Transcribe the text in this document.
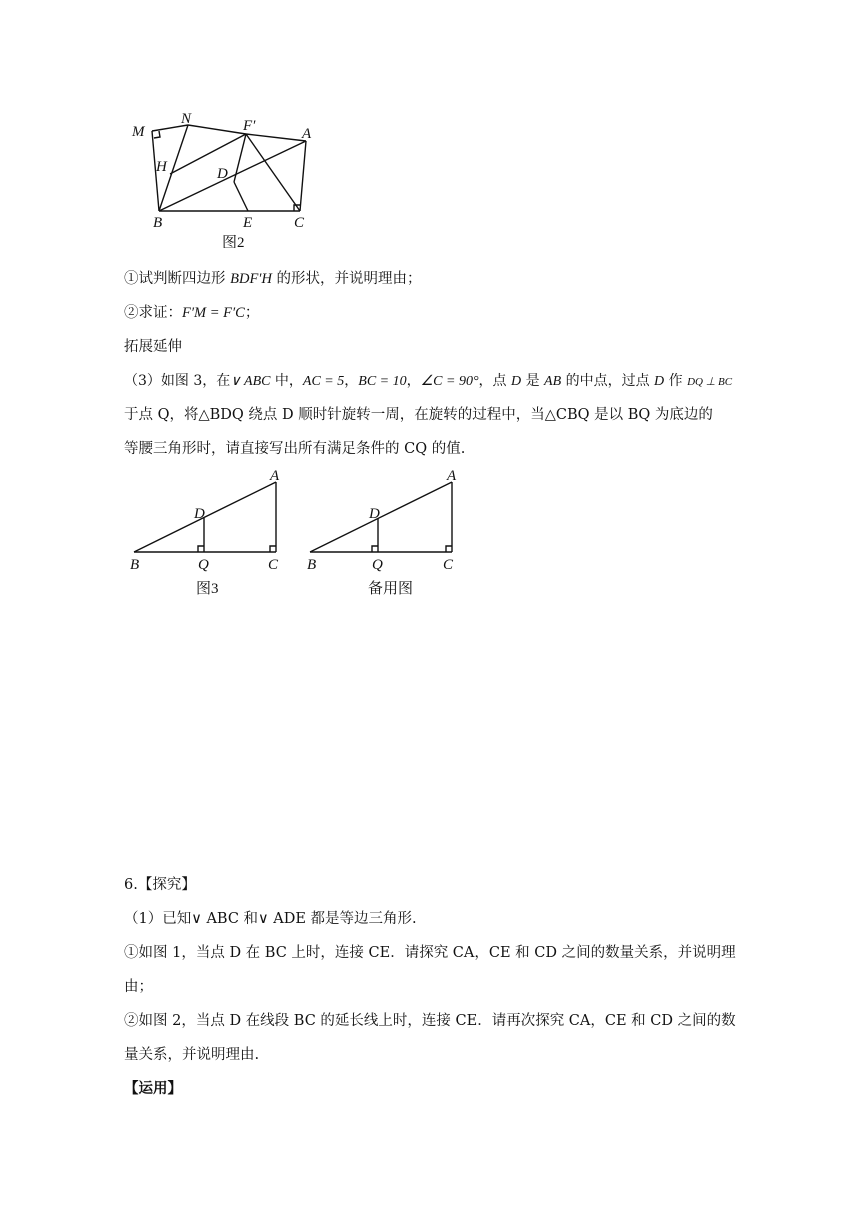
M
N	F′	A
H	D
B	E	C
图2
①试判断四边形 BDF′H 的形状，并说明理由；
②求证：F′M = F′C；
拓展延伸
（3）如图 3，在∨ ABC 中，AC = 5，BC = 10，∠C = 90°，点 D 是 AB 的中点，过点 D 作 DQ ⊥ BC
于点 Q，将△BDQ 绕点 D 顺时针旋转一周，在旋转的过程中，当△CBQ 是以 BQ 为底边的
等腰三角形时，请直接写出所有满足条件的 CQ 的值.
A
D
B	Q	C
图3
A
D
B	Q	C
备用图
6.【探究】
（1）已知∨ ABC 和∨ ADE 都是等边三角形.
①如图 1，当点 D 在 BC 上时，连接 CE．请探究 CA，CE 和 CD 之间的数量关系，并说明理
由；
②如图 2，当点 D 在线段 BC 的延长线上时，连接 CE．请再次探究 CA，CE 和 CD 之间的数
量关系，并说明理由.
【运用】
